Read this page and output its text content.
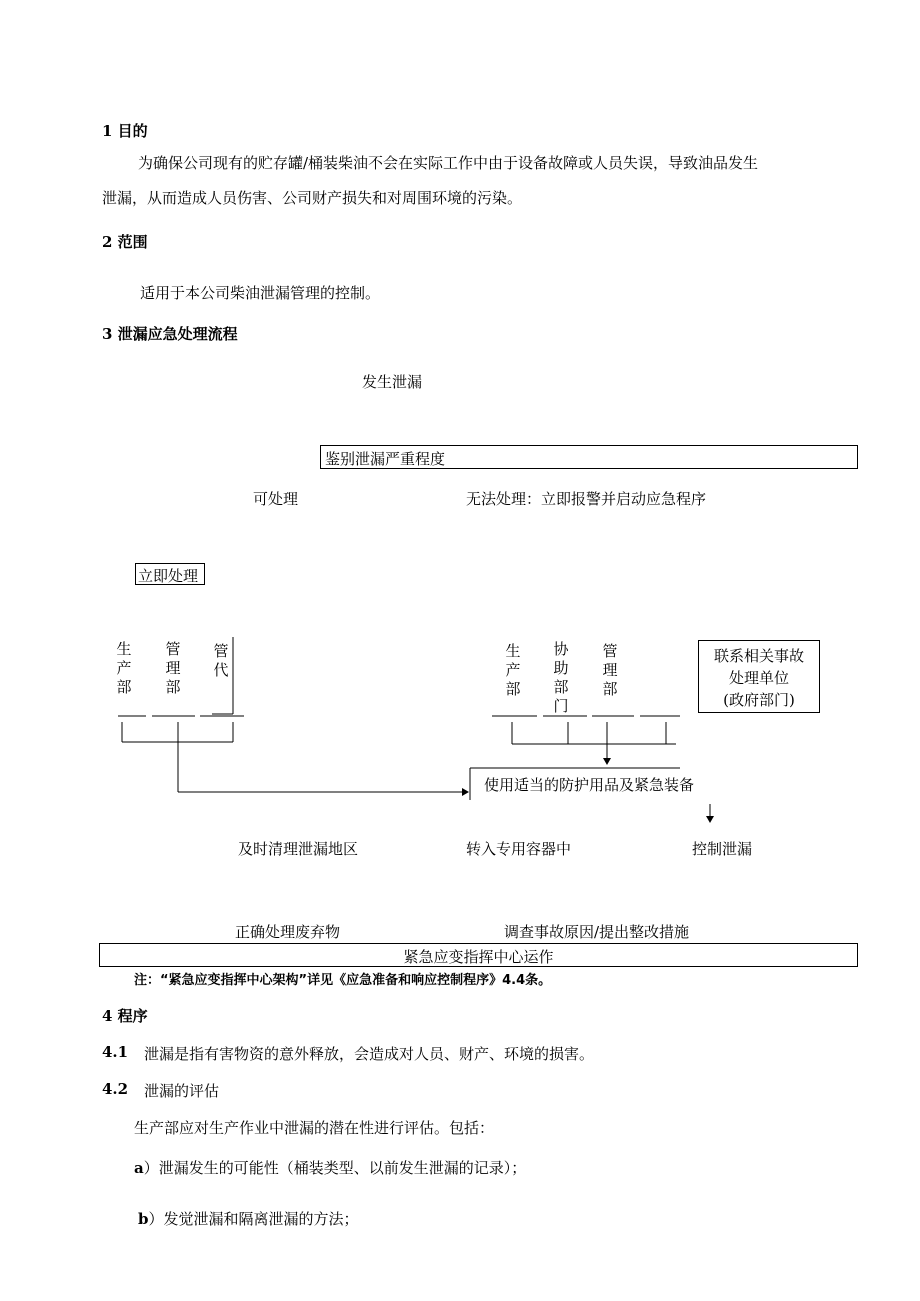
1 目的
为确保公司现有的贮存罐/桶装柴油不会在实际工作中由于设备故障或人员失误，导致油品发生
泄漏，从而造成人员伤害、公司财产损失和对周围环境的污染。
2 范围
适用于本公司柴油泄漏管理的控制。
3 泄漏应急处理流程
发生泄漏
鉴别泄漏严重程度
可处理	无法处理：立即报警并启动应急程序
立即处理
生产部
管理部
管代
生产部
协助部门
管理部
联系相关事故
处理单位
(政府部门)
使用适当的防护用品及紧急装备
及时清理泄漏地区	转入专用容器中	控制泄漏
正确处理废弃物	调查事故原因/提出整改措施
紧急应变指挥中心运作
注：“紧急应变指挥中心架构”详见《应急准备和响应控制程序》4.4条。
4 程序
4.1 泄漏是指有害物资的意外释放，会造成对人员、财产、环境的损害。
4.2 泄漏的评估
生产部应对生产作业中泄漏的潜在性进行评估。包括：
a）泄漏发生的可能性（桶装类型、以前发生泄漏的记录）；
b）发觉泄漏和隔离泄漏的方法；
